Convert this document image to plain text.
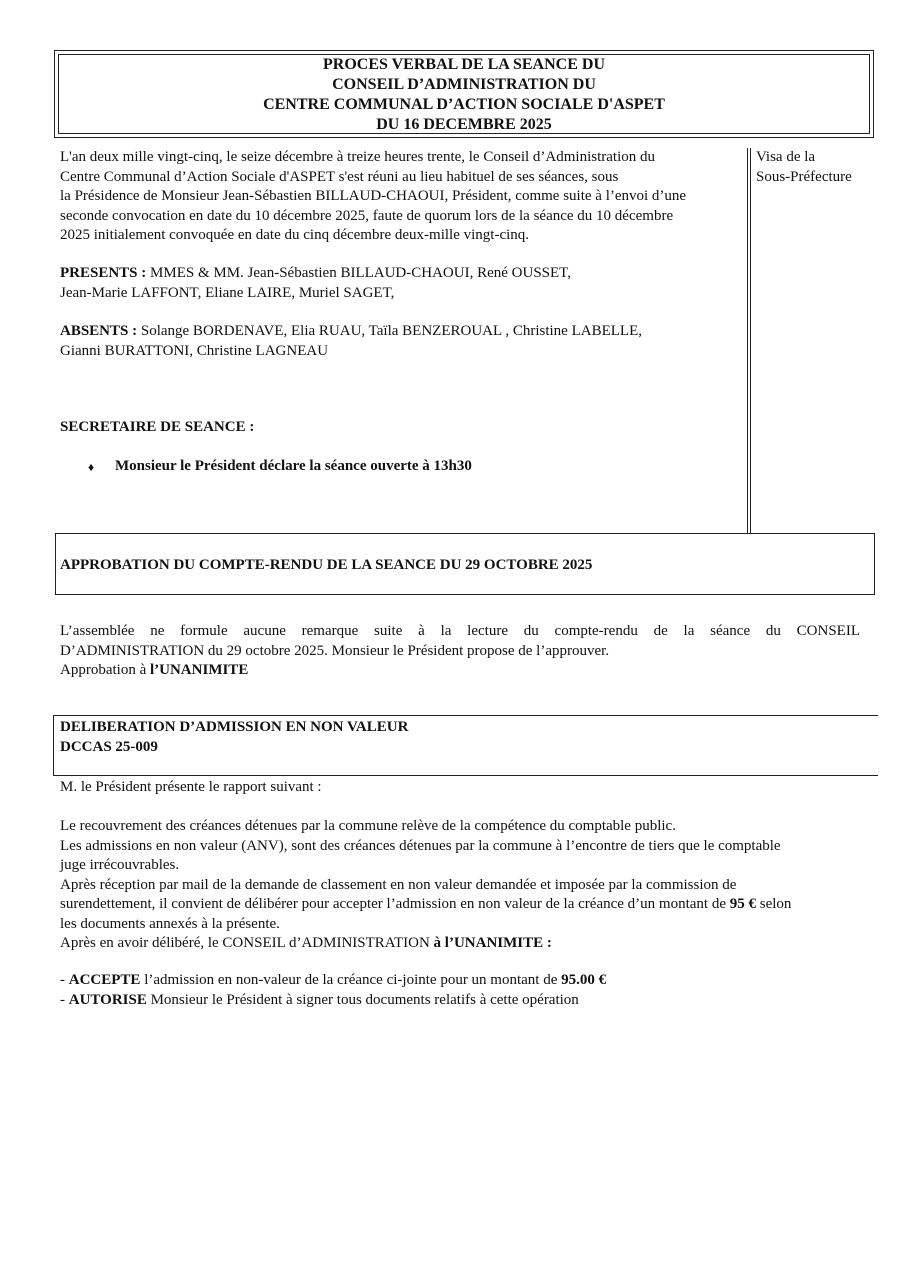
PROCES VERBAL DE LA SEANCE DU
CONSEIL D’ADMINISTRATION DU
CENTRE COMMUNAL D’ACTION SOCIALE D'ASPET
DU 16 DECEMBRE 2025
Visa de la
Sous-Préfecture
L'an deux mille vingt-cinq, le seize décembre à treize heures trente, le Conseil d’Administration du
Centre Communal d’Action Sociale d'ASPET s'est réuni au lieu habituel de ses séances, sous
la Présidence de Monsieur Jean-Sébastien BILLAUD-CHAOUI, Président, comme suite à l’envoi d’une
seconde convocation en date du 10 décembre 2025, faute de quorum lors de la séance du 10 décembre
2025 initialement convoquée en date du cinq décembre deux-mille vingt-cinq.
PRESENTS : MMES & MM. Jean-Sébastien BILLAUD-CHAOUI, René OUSSET,
Jean-Marie LAFFONT, Eliane LAIRE, Muriel SAGET,
ABSENTS : Solange BORDENAVE, Elia RUAU, Taïla BENZEROUAL , Christine LABELLE,
Gianni BURATTONI, Christine LAGNEAU
SECRETAIRE DE SEANCE :
♦ Monsieur le Président déclare la séance ouverte à 13h30
APPROBATION DU COMPTE-RENDU DE LA SEANCE DU 29 OCTOBRE 2025
L’assemblée ne formule aucune remarque suite à la lecture du compte-rendu de la séance du CONSEIL
D’ADMINISTRATION du 29 octobre 2025. Monsieur le Président propose de l’approuver.
Approbation à l’UNANIMITE
DELIBERATION D’ADMISSION EN NON VALEUR
DCCAS 25-009
M. le Président présente le rapport suivant :
Le recouvrement des créances détenues par la commune relève de la compétence du comptable public.
Les admissions en non valeur (ANV), sont des créances détenues par la commune à l’encontre de tiers que le comptable
juge irrécouvrables.
Après réception par mail de la demande de classement en non valeur demandée et imposée par la commission de
surendettement, il convient de délibérer pour accepter l’admission en non valeur de la créance d’un montant de 95 € selon
les documents annexés à la présente.
Après en avoir délibéré, le CONSEIL d’ADMINISTRATION à l’UNANIMITE :
- ACCEPTE l’admission en non-valeur de la créance ci-jointe pour un montant de 95.00 €
- AUTORISE Monsieur le Président à signer tous documents relatifs à cette opération
